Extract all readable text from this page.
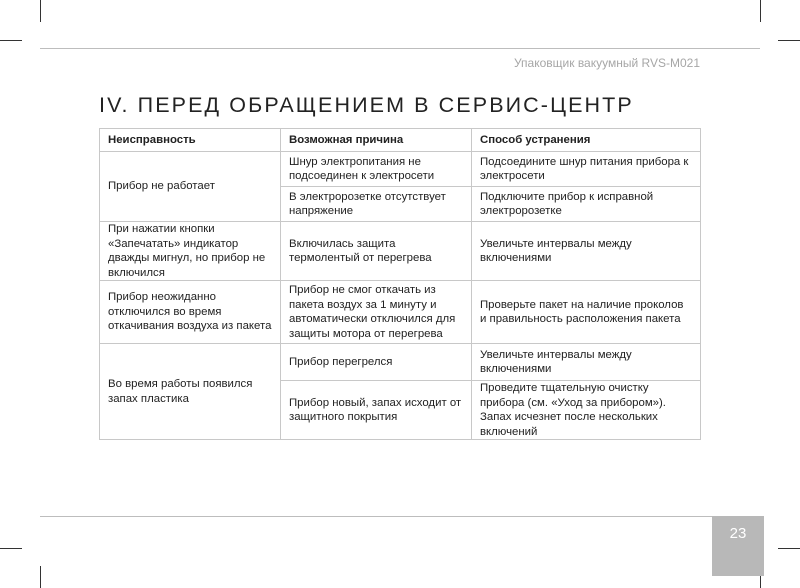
Упаковщик вакуумный RVS-M021
IV. ПЕРЕД ОБРАЩЕНИЕМ В СЕРВИС-ЦЕНТР
Неисправность	Возможная причина	Способ устранения
Прибор не работает	Шнур электропитания не подсоединен к электросети	Подсоедините шнур питания прибора к электросети
	В электророзетке отсутствует напряжение	Подключите прибор к исправной электророзетке
При нажатии кнопки «Запечатать» индикатор дважды мигнул, но прибор не включился	Включилась защита термолентый от перегрева	Увеличьте интервалы между включениями
Прибор неожиданно отключился во время откачивания воздуха из пакета	Прибор не смог откачать из пакета воздух за 1 минуту и автоматически отключился для защиты мотора от перегрева	Проверьте пакет на наличие проколов и правильность расположения пакета
Во время работы появился запах пластика	Прибор перегрелся	Увеличьте интервалы между включениями
	Прибор новый, запах исходит от защитного покрытия	Проведите тщательную очистку прибора (см. «Уход за прибором»). Запах исчезнет после нескольких включений
23
